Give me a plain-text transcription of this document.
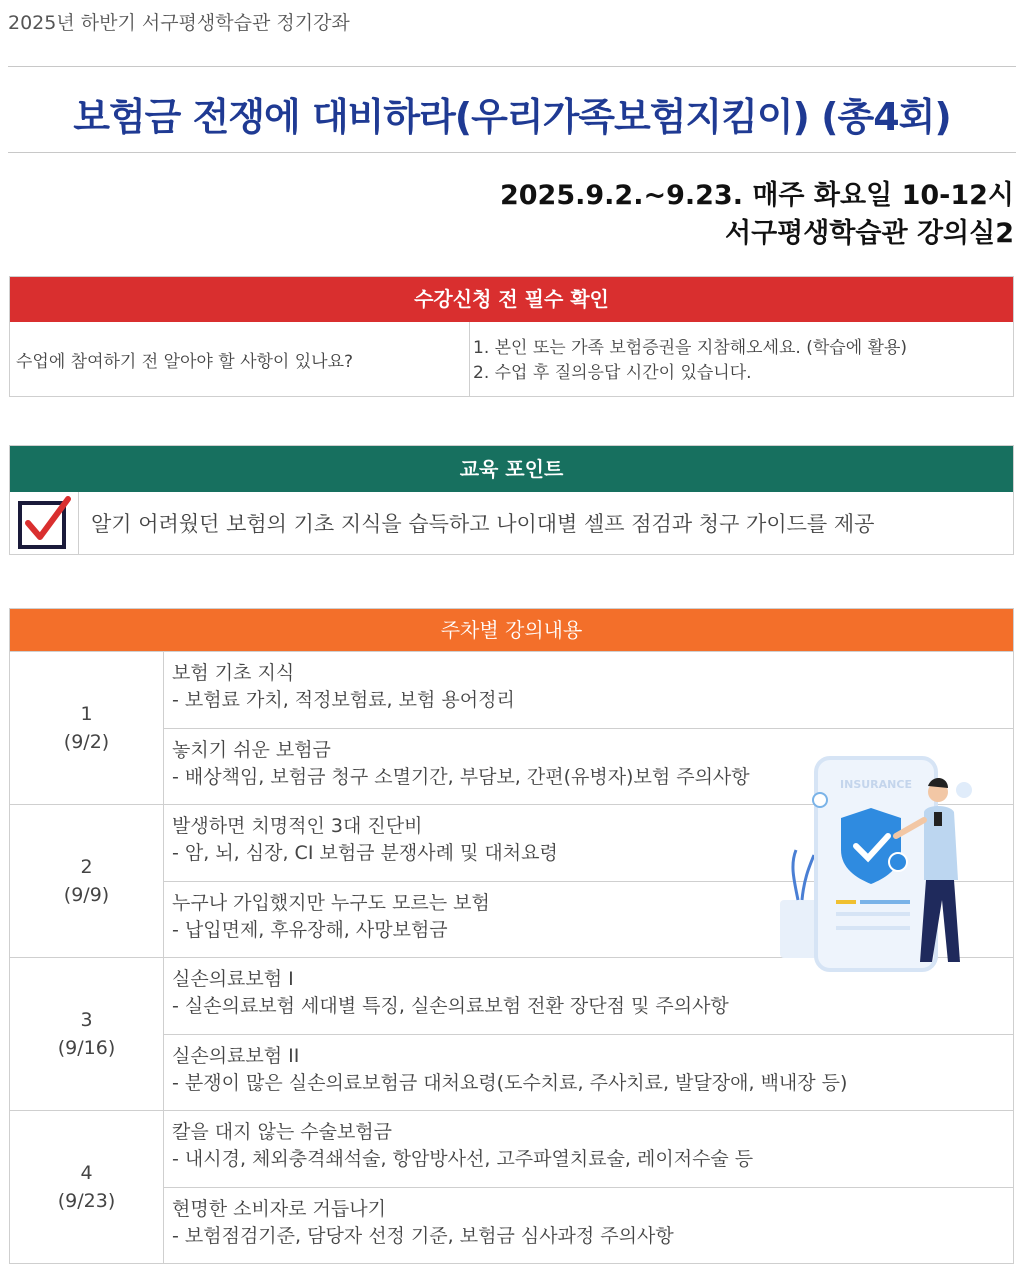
2025년 하반기 서구평생학습관 정기강좌
보험금 전쟁에 대비하라(우리가족보험지킴이) (총4회)
2025.9.2.~9.23. 매주 화요일 10-12시
서구평생학습관 강의실2
수강신청 전 필수 확인
수업에 참여하기 전 알아야 할 사항이 있나요?
1. 본인 또는 가족 보험증권을 지참해오세요. (학습에 활용)
2. 수업 후 질의응답 시간이 있습니다.
교육 포인트
알기 어려웠던 보험의 기초 지식을 습득하고 나이대별 셀프 점검과 청구 가이드를 제공
주차별 강의내용
1
(9/2)
보험 기초 지식
- 보험료 가치, 적정보험료, 보험 용어정리
놓치기 쉬운 보험금
- 배상책임, 보험금 청구 소멸기간, 부담보, 간편(유병자)보험 주의사항
2
(9/9)
발생하면 치명적인 3대 진단비
- 암, 뇌, 심장, CI 보험금 분쟁사례 및 대처요령
누구나 가입했지만 누구도 모르는 보험
- 납입면제, 후유장해, 사망보험금
3
(9/16)
실손의료보험 I
- 실손의료보험 세대별 특징, 실손의료보험 전환 장단점 및 주의사항
실손의료보험 II
- 분쟁이 많은 실손의료보험금 대처요령(도수치료, 주사치료, 발달장애, 백내장 등)
4
(9/23)
칼을 대지 않는 수술보험금
- 내시경, 체외충격쇄석술, 항암방사선, 고주파열치료술, 레이저수술 등
현명한 소비자로 거듭나기
- 보험점검기준, 담당자 선정 기준, 보험금 심사과정 주의사항
INSURANCE
